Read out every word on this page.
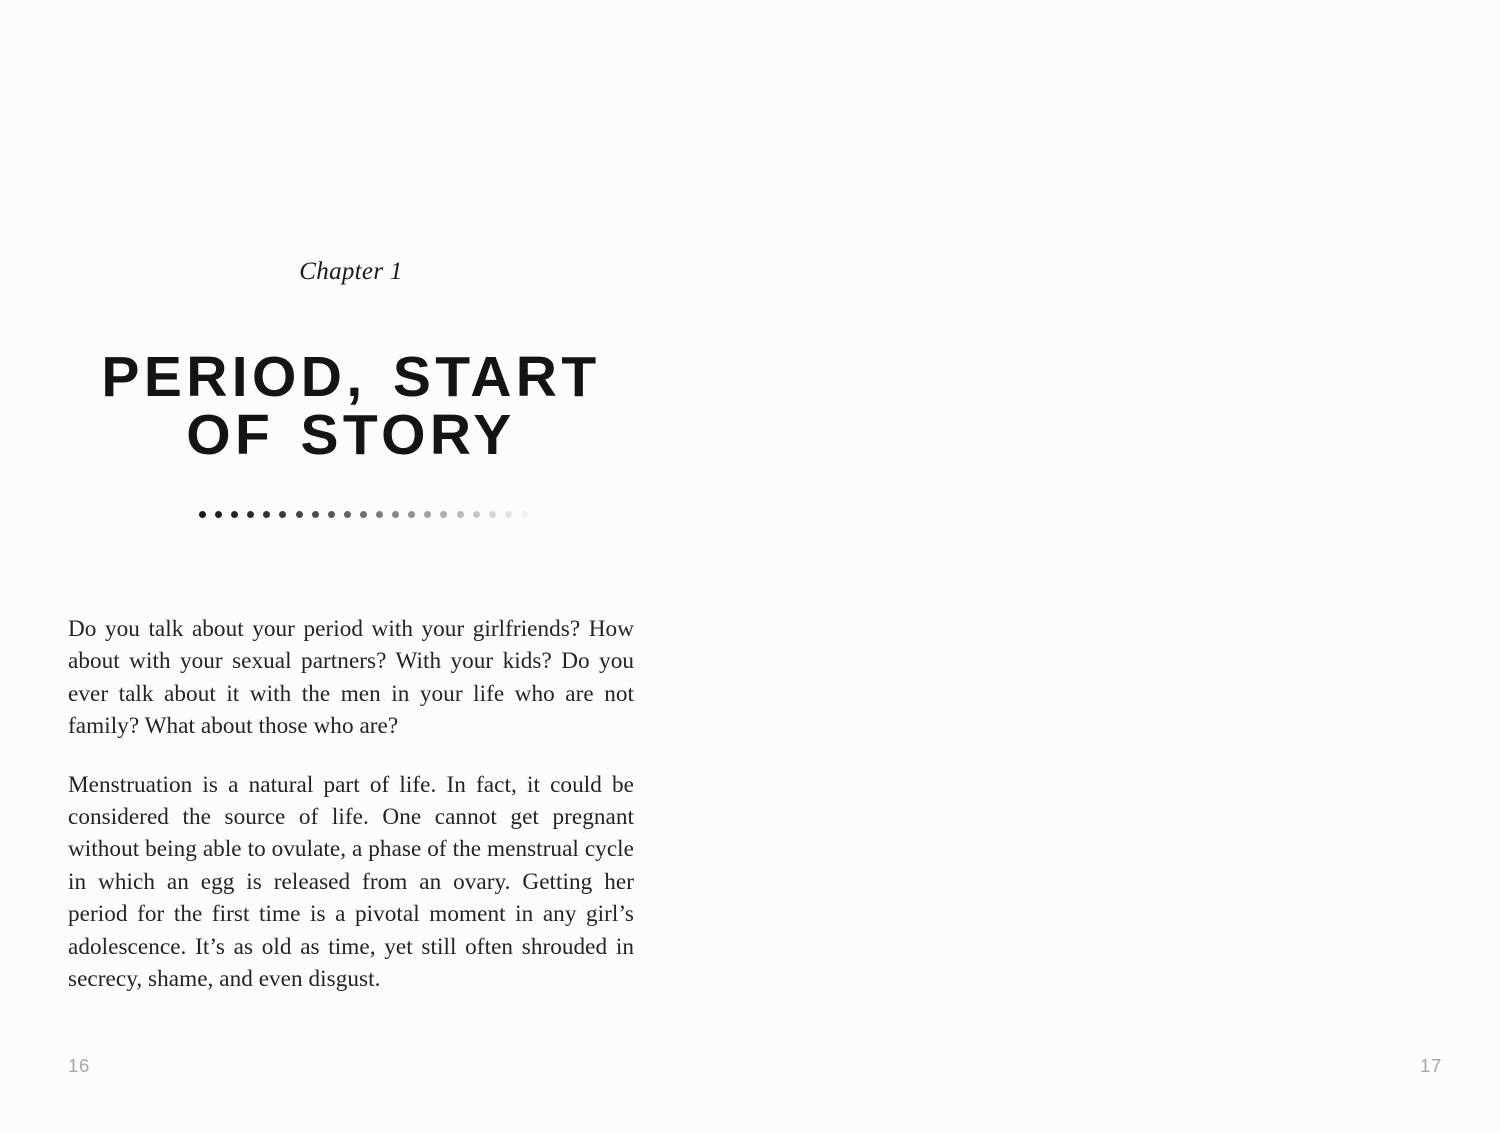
Chapter 1
PERIOD, START
OF STORY

Do you talk about your period with your girlfriends? How about with your sexual partners? With your kids? Do you ever talk about it with the men in your life who are not family? What about those who are?

Menstruation is a natural part of life. In fact, it could be considered the source of life. One cannot get pregnant without being able to ovulate, a phase of the menstrual cycle in which an egg is released from an ovary. Getting her period for the first time is a pivotal moment in any girl’s adolescence. It’s as old as time, yet still often shrouded in secrecy, shame, and even disgust.

16	17
